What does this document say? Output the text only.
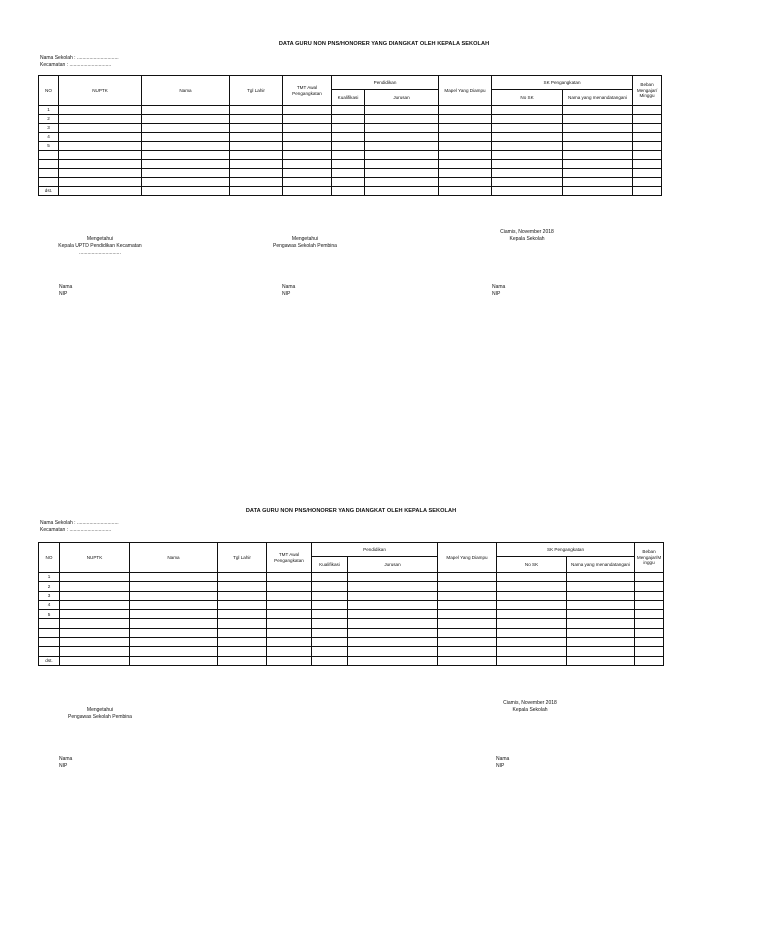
DATA GURU NON PNS/HONORER YANG DIANGKAT OLEH KEPALA SEKOLAH
Nama Sekolah : ..............................
Kecamatan : ..............................
NO	NUPTK	Nama	Tgl Lahir	TMT Awal Pengangkatan	Pendidikan		Mapel Yang Diampu	SK Pengangkatan		Beban Mengajar/ Minggu
					Kualifikasi	Jurusan		No SK	Nama yang menandatangani	
1										
2										
3										
4										
5										

dst.										
Mengetahui
Kepala UPTD Pendidikan Kecamatan
..............................
Nama
NIP
Mengetahui
Pengawas Sekolah Pembina
Nama
NIP
Ciamis, November 2018
Kepala Sekolah
Nama
NIP
DATA GURU NON PNS/HONORER YANG DIANGKAT OLEH KEPALA SEKOLAH
Nama Sekolah : ..............................
Kecamatan : ..............................
NO	NUPTK	Nama	Tgl Lahir	TMT Awal Pengangkatan	Pendidikan		Mapel Yang Diampu	SK Pengangkatan		Beban Mengajar/M inggu
					Kualifikasi	Jurusan		No SK	Nama yang menandatangani	
1										
2										
3										
4										
5										

dst.										
Mengetahui
Pengawas Sekolah Pembina
Nama
NIP
Ciamis, November 2018
Kepala Sekolah
Nama
NIP
